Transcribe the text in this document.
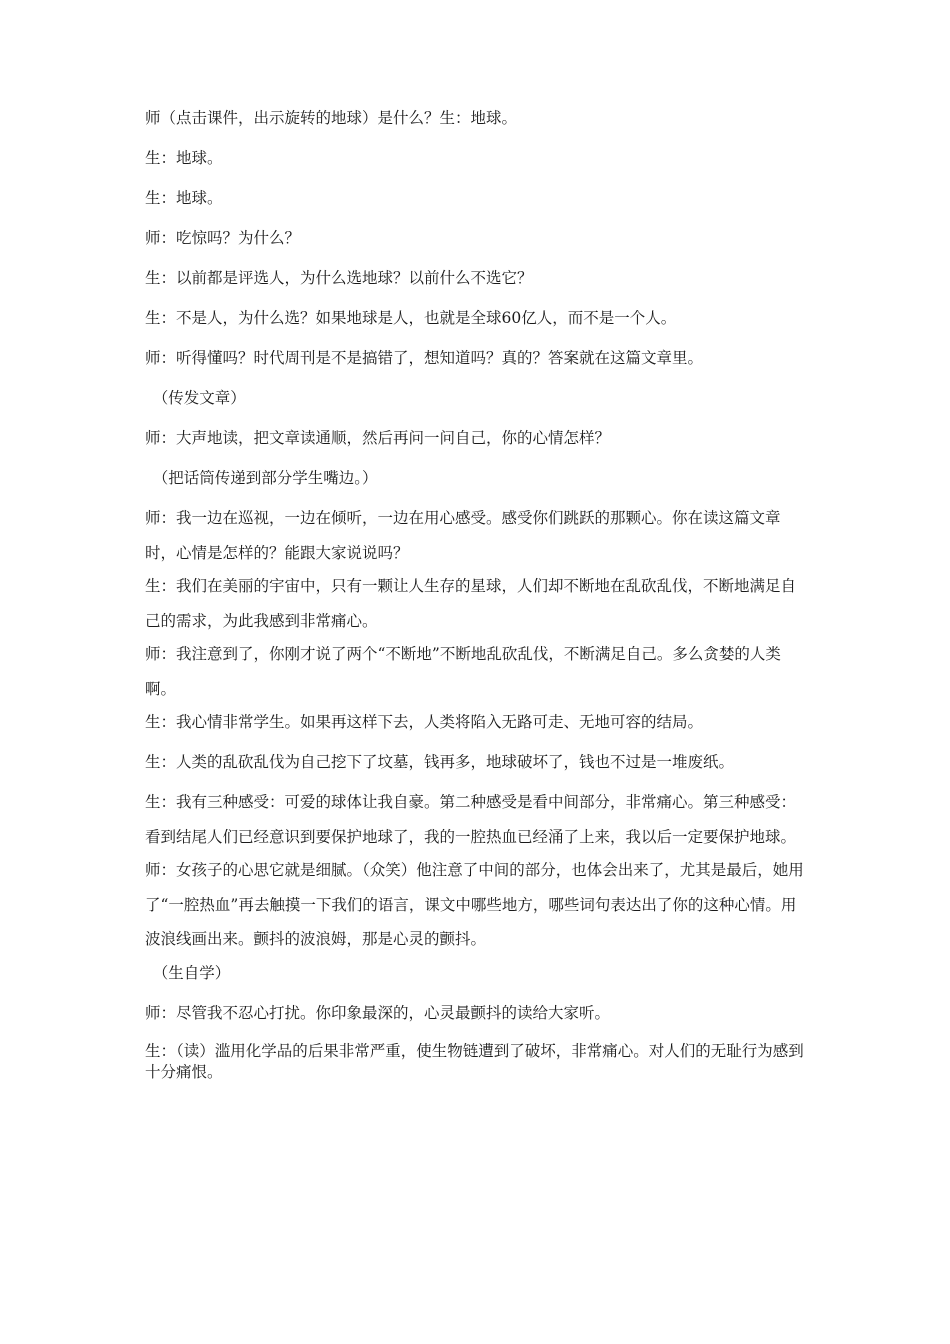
师（点击课件，出示旋转的地球）是什么？生：地球。

生：地球。

生：地球。

师：吃惊吗？为什么？

生：以前都是评选人，为什么选地球？以前什么不选它？

生：不是人，为什么选？如果地球是人，也就是全球60亿人，而不是一个人。

师：听得懂吗？时代周刊是不是搞错了，想知道吗？真的？答案就在这篇文章里。

（传发文章）

师：大声地读，把文章读通顺，然后再问一问自己，你的心情怎样？

（把话筒传递到部分学生嘴边。）

师：我一边在巡视，一边在倾听，一边在用心感受。感受你们跳跃的那颗心。你在读这篇文章时，心情是怎样的？能跟大家说说吗？

生：我们在美丽的宇宙中，只有一颗让人生存的星球，人们却不断地在乱砍乱伐，不断地满足自己的需求，为此我感到非常痛心。

师：我注意到了，你刚才说了两个“不断地”不断地乱砍乱伐，不断满足自己。多么贪婪的人类啊。

生：我心情非常学生。如果再这样下去，人类将陷入无路可走、无地可容的结局。

生：人类的乱砍乱伐为自己挖下了坟墓，钱再多，地球破坏了，钱也不过是一堆废纸。

生：我有三种感受：可爱的球体让我自豪。第二种感受是看中间部分，非常痛心。第三种感受：看到结尾人们已经意识到要保护地球了，我的一腔热血已经涌了上来，我以后一定要保护地球。

师：女孩子的心思它就是细腻。（众笑）他注意了中间的部分，也体会出来了，尤其是最后，她用了“一腔热血”再去触摸一下我们的语言，课文中哪些地方，哪些词句表达出了你的这种心情。用波浪线画出来。颤抖的波浪姆，那是心灵的颤抖。

（生自学）

师：尽管我不忍心打扰。你印象最深的，心灵最颤抖的读给大家听。

生：（读）滥用化学品的后果非常严重，使生物链遭到了破坏，非常痛心。对人们的无耻行为感到十分痛恨。
